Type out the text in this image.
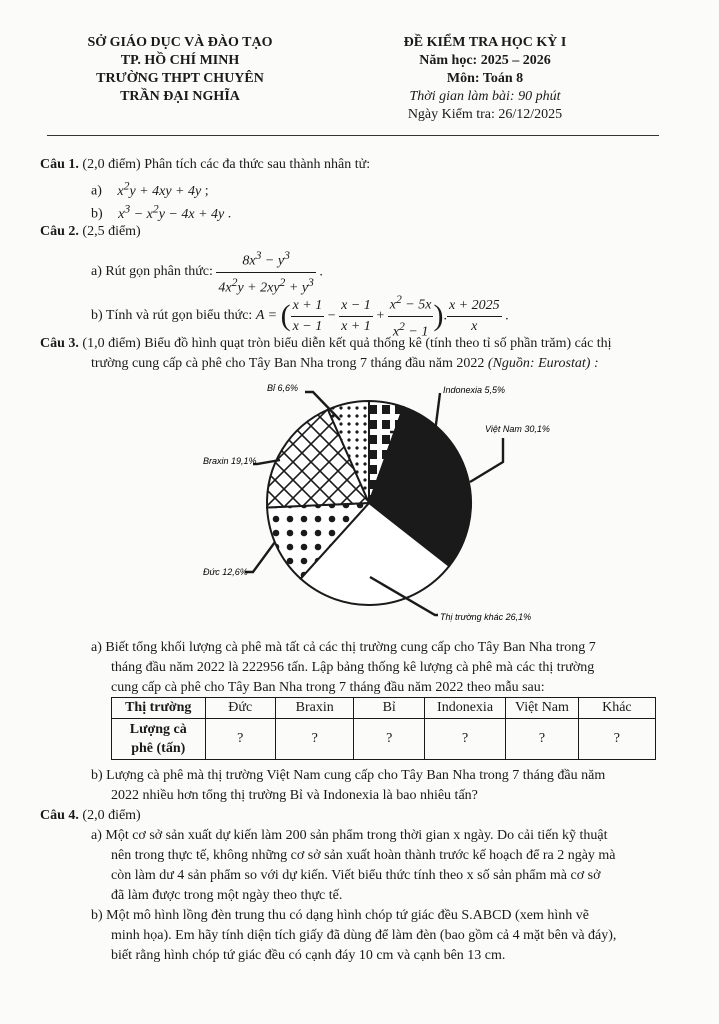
SỞ GIÁO DỤC VÀ ĐÀO TẠO
TP. HỒ CHÍ MINH
TRƯỜNG THPT CHUYÊN
TRẦN ĐẠI NGHĨA
ĐỀ KIỂM TRA HỌC KỲ I
Năm học: 2025 – 2026
Môn: Toán 8
Thời gian làm bài: 90 phút
Ngày Kiểm tra: 26/12/2025
Câu 1. (2,0 điểm) Phân tích các đa thức sau thành nhân tử:
a) $x^2y + 4xy + 4y$ ;
b) $x^3 - x^2y - 4x + 4y$ .
Câu 2. (2,5 điểm)
a) Rút gọn phân thức: $\frac{8x^3 - y^3}{4x^2y + 2xy^2 + y^3}$ .
b) Tính và rút gọn biểu thức: A = ( $\frac{x + 1}{x - 1} - \frac{x - 1}{x + 1} + \frac{x^2 - 5x}{x^2 - 1}$ ). $\frac{x + 2025}{x}$ .
Câu 3. (1,0 điểm) Biểu đồ hình quạt tròn biểu diễn kết quả thống kê (tính theo tỉ số phần trăm) các thị
trường cung cấp cà phê cho Tây Ban Nha trong 7 tháng đầu năm 2022 (Nguồn: Eurostat) :
Indonexia 5,5%
Việt Nam 30,1%
Thị trường khác 26,1%
Đức 12,6%
Braxin 19,1%
Bỉ 6,6%
a) Biết tổng khối lượng cà phê mà tất cả các thị trường cung cấp cho Tây Ban Nha trong 7
tháng đầu năm 2022 là 222956 tấn. Lập bảng thống kê lượng cà phê mà các thị trường
cung cấp cà phê cho Tây Ban Nha trong 7 tháng đầu năm 2022 theo mẫu sau:
Thị trường	Đức	Braxin	Bỉ	Indonexia	Việt Nam	Khác
Lượng cà
phê (tấn)	?	?	?	?	?	?
b) Lượng cà phê mà thị trường Việt Nam cung cấp cho Tây Ban Nha trong 7 tháng đầu năm
2022 nhiều hơn tổng thị trường Bỉ và Indonexia là bao nhiêu tấn?
Câu 4. (2,0 điểm)
a) Một cơ sở sản xuất dự kiến làm 200 sản phẩm trong thời gian x ngày. Do cải tiến kỹ thuật
nên trong thực tế, không những cơ sở sản xuất hoàn thành trước kế hoạch để ra 2 ngày mà
còn làm dư 4 sản phẩm so với dự kiến. Viết biểu thức tính theo x số sản phẩm mà cơ sở
đã làm được trong một ngày theo thực tế.
b) Một mô hình lồng đèn trung thu có dạng hình chóp tứ giác đều S.ABCD (xem hình vẽ
minh họa). Em hãy tính diện tích giấy đã dùng để làm đèn (bao gồm cả 4 mặt bên và đáy),
biết rằng hình chóp tứ giác đều có cạnh đáy 10 cm và cạnh bên 13 cm.
